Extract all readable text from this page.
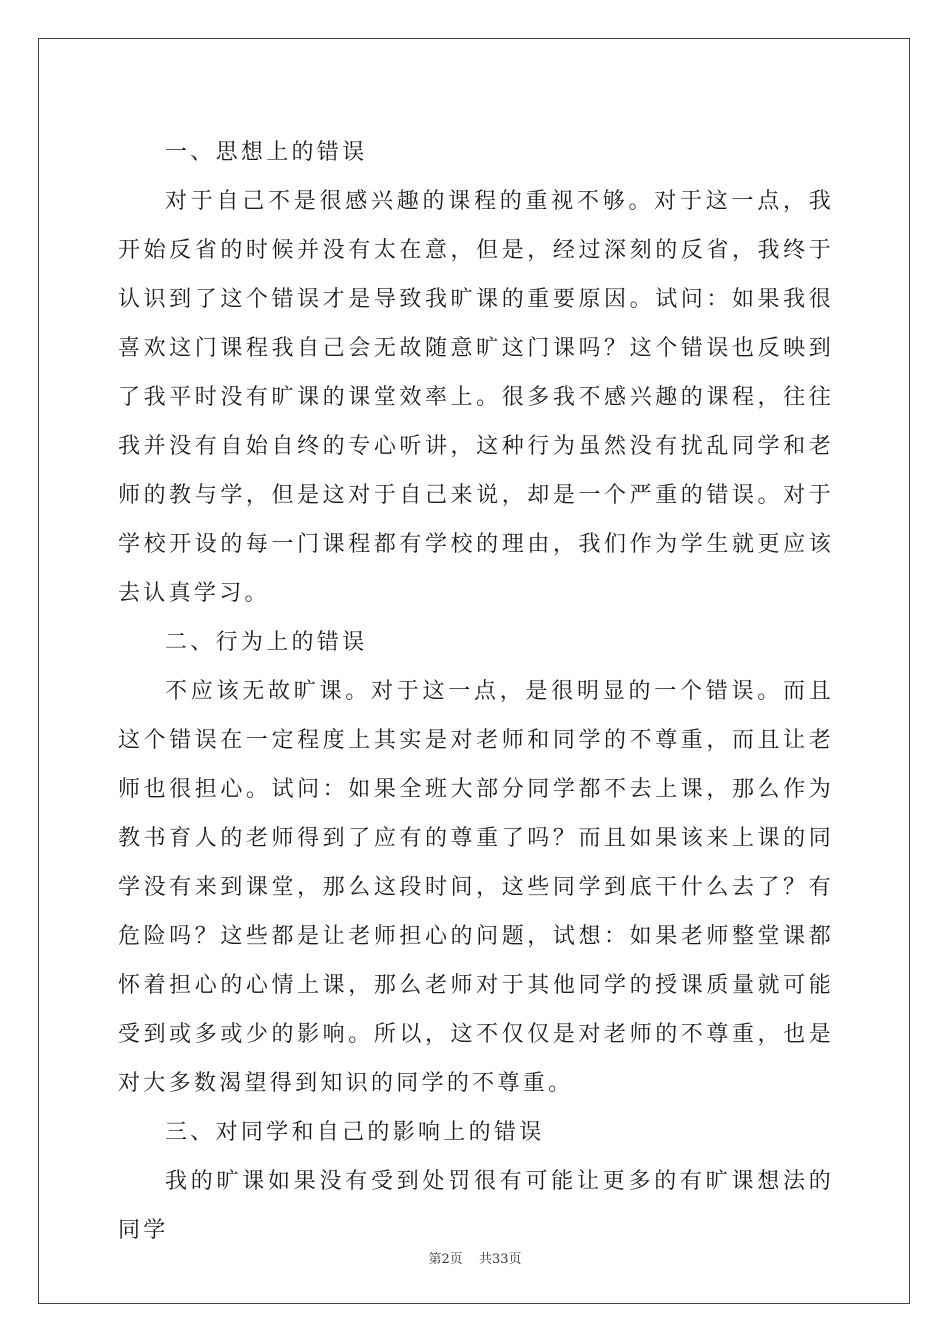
一、思想上的错误

对于自己不是很感兴趣的课程的重视不够。对于这一点，我开始反省的时候并没有太在意，但是，经过深刻的反省，我终于认识到了这个错误才是导致我旷课的重要原因。试问：如果我很喜欢这门课程我自己会无故随意旷这门课吗？这个错误也反映到了我平时没有旷课的课堂效率上。很多我不感兴趣的课程，往往我并没有自始自终的专心听讲，这种行为虽然没有扰乱同学和老师的教与学，但是这对于自己来说，却是一个严重的错误。对于学校开设的每一门课程都有学校的理由，我们作为学生就更应该去认真学习。

二、行为上的错误

不应该无故旷课。对于这一点，是很明显的一个错误。而且这个错误在一定程度上其实是对老师和同学的不尊重，而且让老师也很担心。试问：如果全班大部分同学都不去上课，那么作为教书育人的老师得到了应有的尊重了吗？而且如果该来上课的同学没有来到课堂，那么这段时间，这些同学到底干什么去了？有危险吗？这些都是让老师担心的问题，试想：如果老师整堂课都怀着担心的心情上课，那么老师对于其他同学的授课质量就可能受到或多或少的影响。所以，这不仅仅是对老师的不尊重，也是对大多数渴望得到知识的同学的不尊重。

三、对同学和自己的影响上的错误

我的旷课如果没有受到处罚很有可能让更多的有旷课想法的同学

第2页 共33页
